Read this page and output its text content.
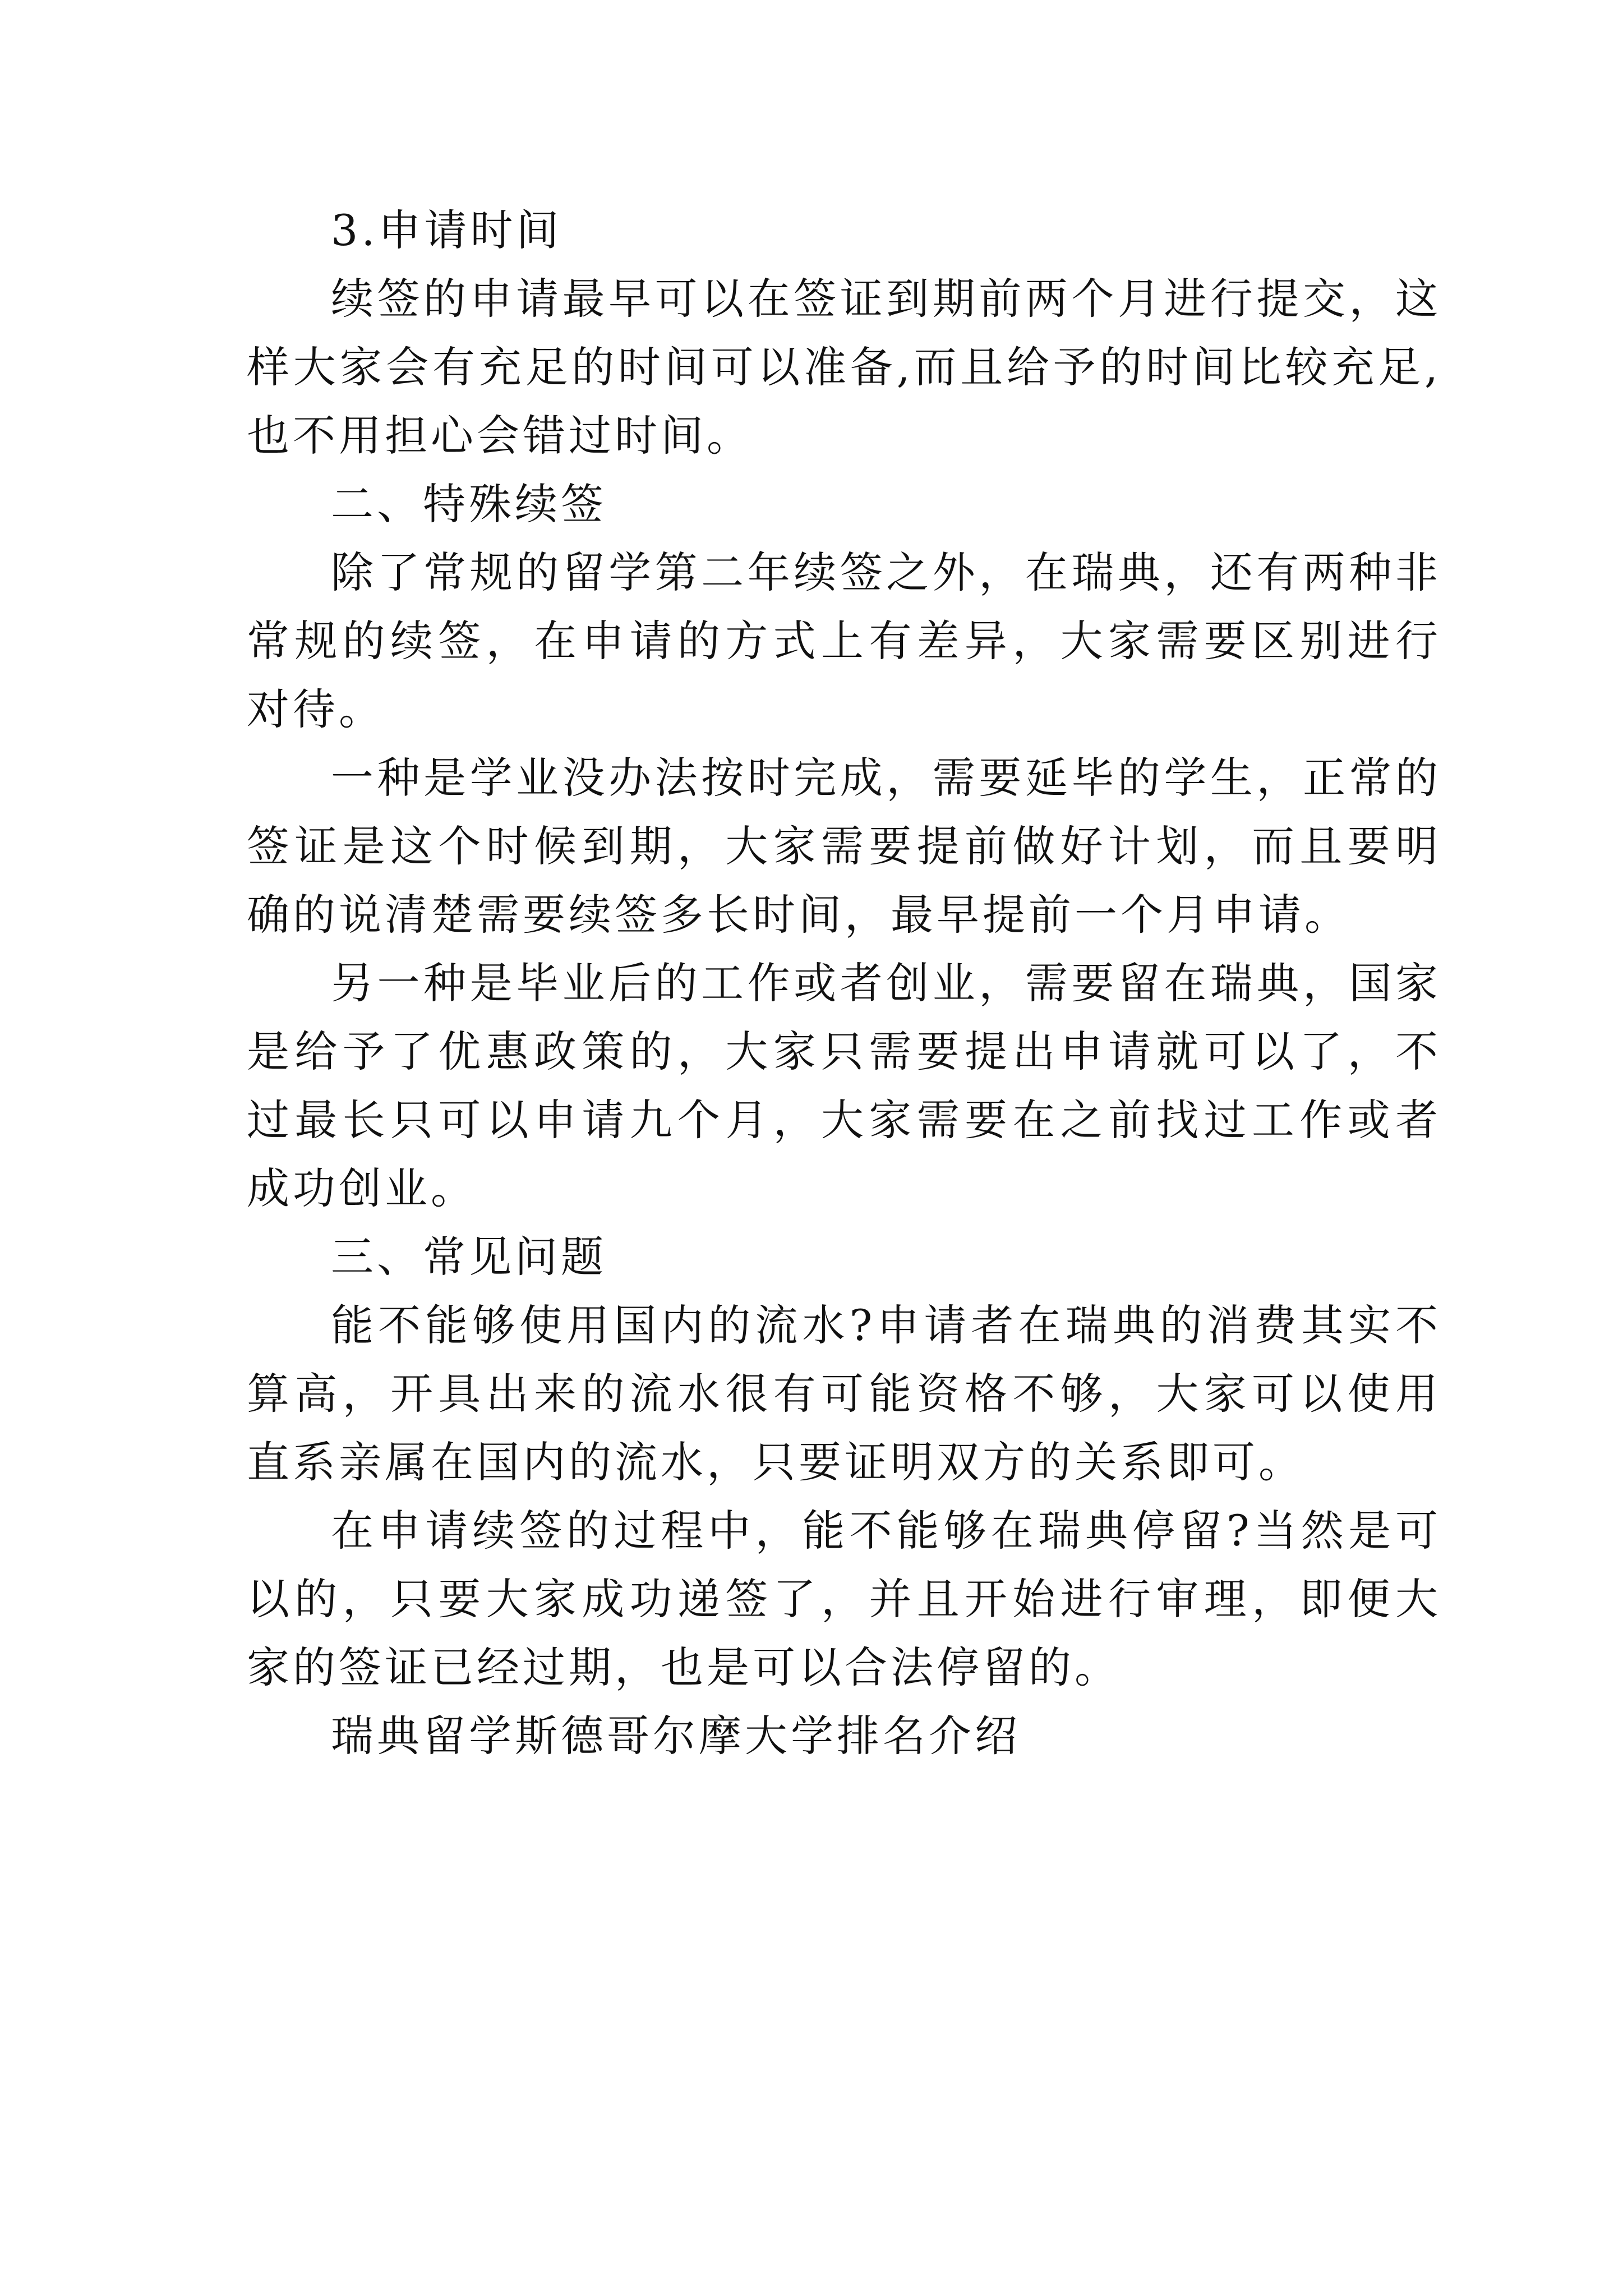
3.申请时间

续签的申请最早可以在签证到期前两个月进行提交，这样大家会有充足的时间可以准备,而且给予的时间比较充足,也不用担心会错过时间。

二、特殊续签

除了常规的留学第二年续签之外，在瑞典，还有两种非常规的续签，在申请的方式上有差异，大家需要区别进行对待。

一种是学业没办法按时完成，需要延毕的学生，正常的签证是这个时候到期，大家需要提前做好计划，而且要明确的说清楚需要续签多长时间，最早提前一个月申请。

另一种是毕业后的工作或者创业，需要留在瑞典，国家是给予了优惠政策的，大家只需要提出申请就可以了，不过最长只可以申请九个月，大家需要在之前找过工作或者成功创业。

三、常见问题

能不能够使用国内的流水?申请者在瑞典的消费其实不算高，开具出来的流水很有可能资格不够，大家可以使用直系亲属在国内的流水，只要证明双方的关系即可。

在申请续签的过程中，能不能够在瑞典停留?当然是可以的，只要大家成功递签了，并且开始进行审理，即便大家的签证已经过期，也是可以合法停留的。

瑞典留学斯德哥尔摩大学排名介绍
